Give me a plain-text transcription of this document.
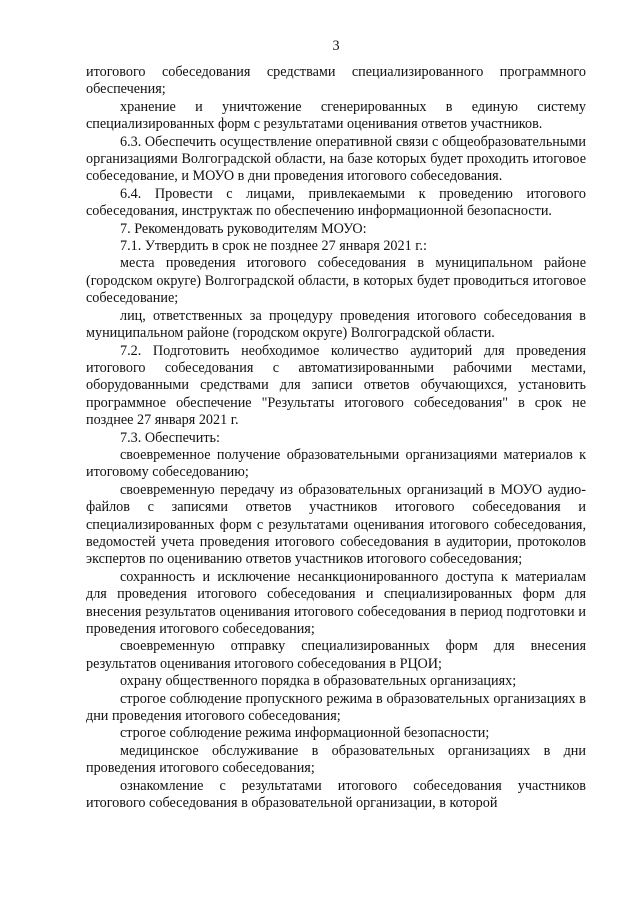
3

итогового собеседования средствами специализированного программного обеспечения;

хранение и уничтожение сгенерированных в единую систему специализированных форм с результатами оценивания ответов участников.

6.3. Обеспечить осуществление оперативной связи с общеобразовательными организациями Волгоградской области, на базе которых будет проходить итоговое собеседование, и МОУО в дни проведения итогового собеседования.

6.4. Провести с лицами, привлекаемыми к проведению итогового собеседования, инструктаж по обеспечению информационной безопасности.

7. Рекомендовать руководителям МОУО:

7.1. Утвердить в срок не позднее 27 января 2021 г.:

места проведения итогового собеседования в муниципальном районе (городском округе) Волгоградской области, в которых будет проводиться итоговое собеседование;

лиц, ответственных за процедуру проведения итогового собеседования в муниципальном районе (городском округе) Волгоградской области.

7.2. Подготовить необходимое количество аудиторий для проведения итогового собеседования с автоматизированными рабочими местами, оборудованными средствами для записи ответов обучающихся, установить программное обеспечение "Результаты итогового собеседования" в срок не позднее 27 января 2021 г.

7.3. Обеспечить:

своевременное получение образовательными организациями материалов к итоговому собеседованию;

своевременную передачу из образовательных организаций в МОУО аудио-файлов с записями ответов участников итогового собеседования и специализированных форм с результатами оценивания итогового собеседования, ведомостей учета проведения итогового собеседования в аудитории, протоколов экспертов по оцениванию ответов участников итогового собеседования;

сохранность и исключение несанкционированного доступа к материалам для проведения итогового собеседования и специализированных форм для внесения результатов оценивания итогового собеседования в период подготовки и проведения итогового собеседования;

своевременную отправку специализированных форм для внесения результатов оценивания итогового собеседования в РЦОИ;

охрану общественного порядка в образовательных организациях;

строгое соблюдение пропускного режима в образовательных организациях в дни проведения итогового собеседования;

строгое соблюдение режима информационной безопасности;

медицинское обслуживание в образовательных организациях в дни проведения итогового собеседования;

ознакомление с результатами итогового собеседования участников итогового собеседования в образовательной организации, в которой
